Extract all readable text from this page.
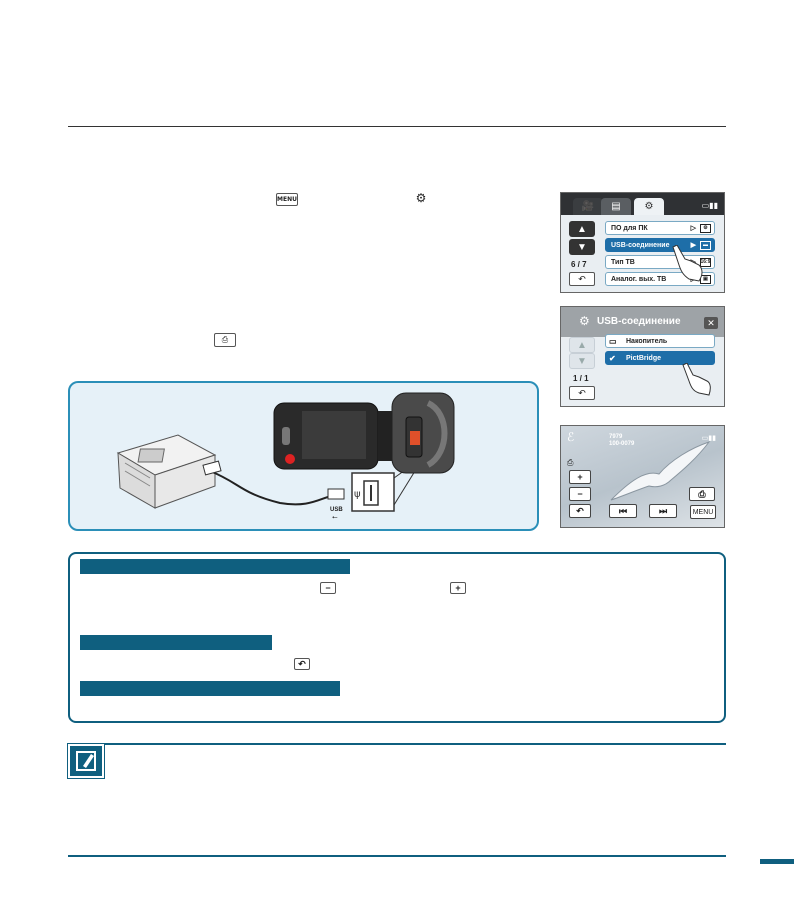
MENU	⚙
⎙
USB
⭠
ψ
🎥	▤	⚙	▭▮▮
▲
▼
6 / 7
↶
ПО для ПК	▷	⚙
USB-соединение	▶	▬
Тип ТВ	16:9
Аналог. вых. ТВ	▣
⚙ USB-соединение	✕
▲
▼
1 / 1
↶
▭ Накопитель
✔ PictBridge
7979
100-0079
ℰ	▭▮▮
⎙
+
−
↶	⏮	⏭
⎙
MENU
−	+
↶
